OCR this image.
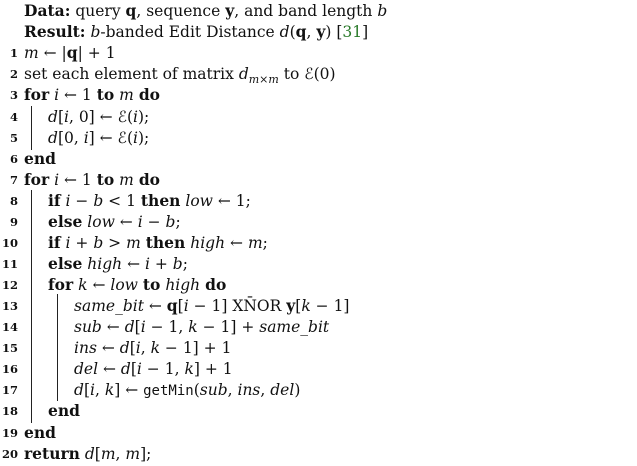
Data: query q, sequence y, and band length b
Result: b-banded Edit Distance d(q, y) [31]
1 m ← |q| + 1
2 set each element of matrix $d_{m\times m}$ to ℰ(0)
3 for i ← 1 to m do
4 d[i, 0] ← ℰ(i);
5 d[0, i] ← ℰ(i);
6 end
7 for i ← 1 to m do
8 if i − b < 1 then low ← 1;
9 else low ← i − b;
10 if i + b > m then high ← m;
11 else high ← i + b;
12 for k ← low to high do
13	same_bit ← q[i − 1] XN̄OR y[k − 1]
14	sub ← d[i − 1, k − 1] + same_bit
15	ins ← d[i, k − 1] + 1
16	del ← d[i − 1, k] + 1
17	d[i, k] ← getMin(sub, ins, del)
18 end
19 end
20 return d[m, m];
